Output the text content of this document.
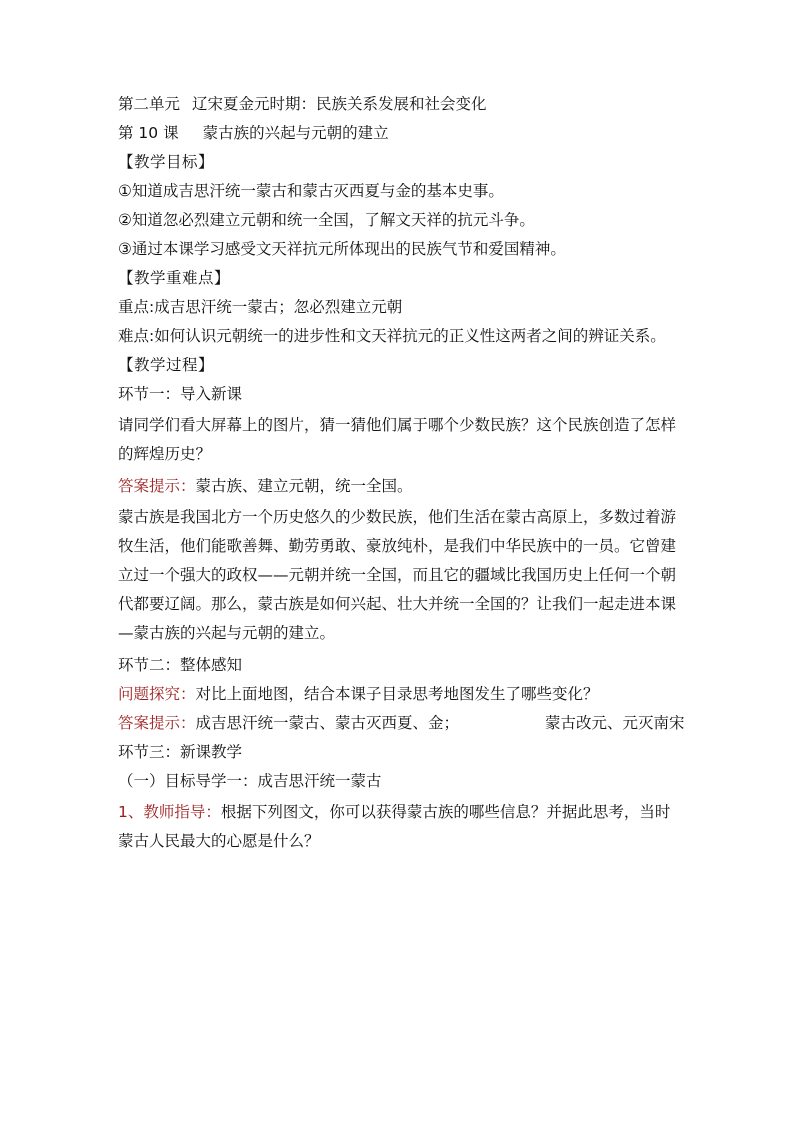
第二单元 辽宋夏金元时期：民族关系发展和社会变化
第 10 课 蒙古族的兴起与元朝的建立
【教学目标】
①知道成吉思汗统一蒙古和蒙古灭西夏与金的基本史事。
②知道忽必烈建立元朝和统一全国，了解文天祥的抗元斗争。
③通过本课学习感受文天祥抗元所体现出的民族气节和爱国精神。
【教学重难点】
重点:成吉思汗统一蒙古；忽必烈建立元朝
难点:如何认识元朝统一的进步性和文天祥抗元的正义性这两者之间的辨证关系。
【教学过程】
环节一：导入新课
请同学们看大屏幕上的图片，猜一猜他们属于哪个少数民族？这个民族创造了怎样的辉煌历史？
答案提示：蒙古族、建立元朝，统一全国。
蒙古族是我国北方一个历史悠久的少数民族，他们生活在蒙古高原上，多数过着游牧生活，他们能歌善舞、勤劳勇敢、豪放纯朴，是我们中华民族中的一员。它曾建立过一个强大的政权——元朝并统一全国，而且它的疆域比我国历史上任何一个朝代都要辽阔。那么，蒙古族是如何兴起、壮大并统一全国的？让我们一起走进本课—蒙古族的兴起与元朝的建立。
环节二：整体感知
问题探究：对比上面地图，结合本课子目录思考地图发生了哪些变化？
答案提示：成吉思汗统一蒙古、蒙古灭西夏、金；	蒙古改元、元灭南宋
环节三：新课教学
（一）目标导学一：成吉思汗统一蒙古
1、教师指导：根据下列图文，你可以获得蒙古族的哪些信息？并据此思考，当时蒙古人民最大的心愿是什么？
